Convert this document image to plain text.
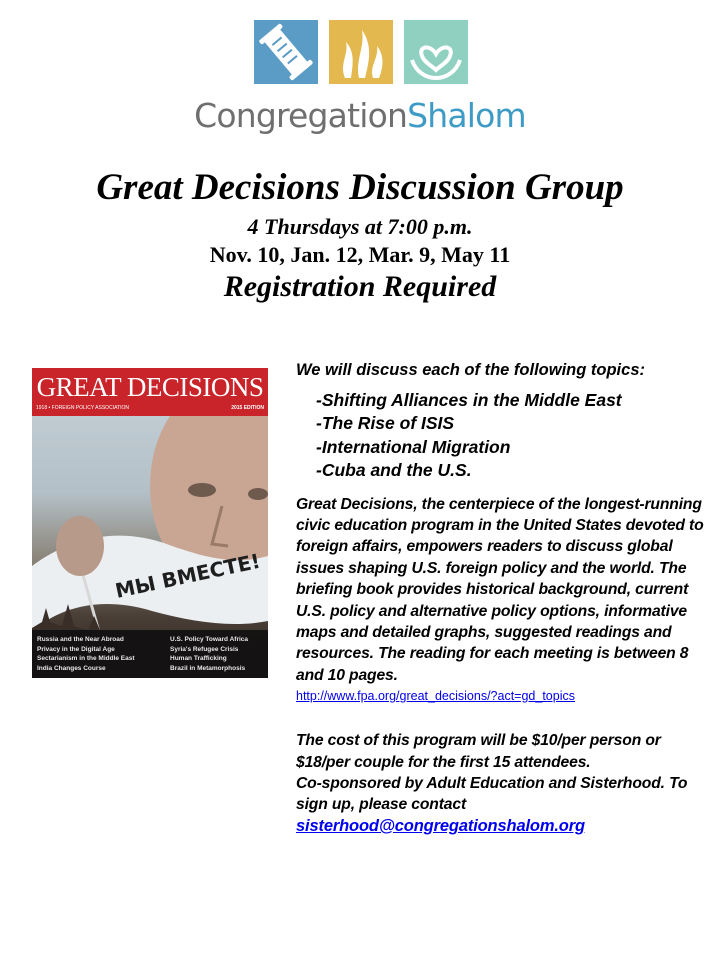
CongregationShalom
Great Decisions Discussion Group
4 Thursdays at 7:00 p.m.
Nov. 10, Jan. 12, Mar. 9, May 11
Registration Required
GREAT DECISIONS
1918 • FOREIGN POLICY ASSOCIATION	2015 EDITION
МЫ ВМЕСТЕ!
Russia and the Near Abroad
Privacy in the Digital Age
Sectarianism in the Middle East
India Changes Course
U.S. Policy Toward Africa
Syria's Refugee Crisis
Human Trafficking
Brazil in Metamorphosis

We will discuss each of the following topics:

-Shifting Alliances in the Middle East
-The Rise of ISIS
-International Migration
-Cuba and the U.S.

Great Decisions, the centerpiece of the longest-running civic education program in the United States devoted to foreign affairs, empowers readers to discuss global issues shaping U.S. foreign policy and the world. The briefing book provides historical background, current U.S. policy and alternative policy options, informative maps and detailed graphs, suggested readings and resources. The reading for each meeting is between 8 and 10 pages.

http://www.fpa.org/great_decisions/?act=gd_topics

The cost of this program will be $10/per person or $18/per couple for the first 15 attendees.
Co-sponsored by Adult Education and Sisterhood. To sign up, please contact
sisterhood@congregationshalom.org
